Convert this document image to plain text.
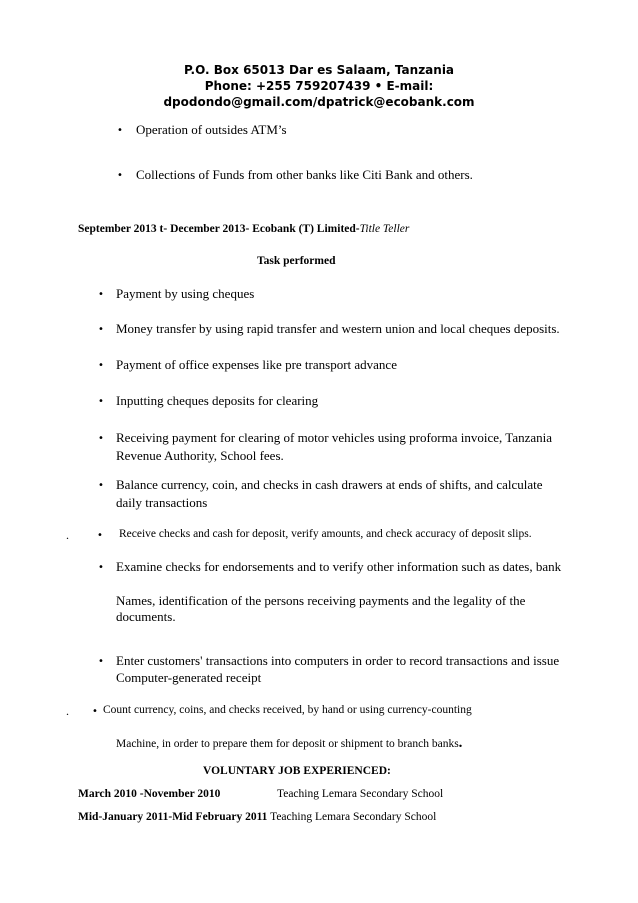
P.O. Box 65013 Dar es Salaam, Tanzania
Phone: +255 759207439 • E-mail:
dpodondo@gmail.com/dpatrick@ecobank.com
• Operation of outsides ATM’s
• Collections of Funds from other banks like Citi Bank and others.
September 2013 t- December 2013- Ecobank (T) Limited-Title Teller
Task performed
• Payment by using cheques
• Money transfer by using rapid transfer and western union and local cheques deposits.
• Payment of office expenses like pre transport advance
• Inputting cheques deposits for clearing
• Receiving payment for clearing of motor vehicles using proforma invoice, Tanzania
Revenue Authority, School fees.
• Balance currency, coin, and checks in cash drawers at ends of shifts, and calculate
daily transactions
.	• Receive checks and cash for deposit, verify amounts, and check accuracy of deposit slips.
• Examine checks for endorsements and to verify other information such as dates, bank
Names, identification of the persons receiving payments and the legality of the
documents.
• Enter customers' transactions into computers in order to record transactions and issue
Computer-generated receipt
. • Count currency, coins, and checks received, by hand or using currency-counting
Machine, in order to prepare them for deposit or shipment to branch banks.
VOLUNTARY JOB EXPERIENCED:
March 2010 -November 2010	Teaching Lemara Secondary School
Mid-January 2011-Mid February 2011 Teaching Lemara Secondary School
